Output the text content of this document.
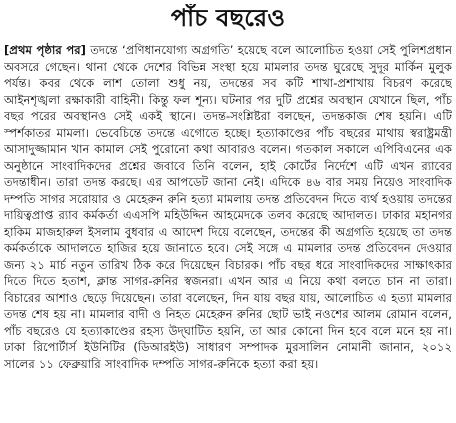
পাঁচ বছরেও

[প্রথম পৃষ্ঠার পর] তদন্তে ‘প্রণিধানযোগ্য অগ্রগতি’ হয়েছে বলে আলোচিত হওয়া সেই পুলিশপ্রধান অবসরে গেছেন। থানা থেকে দেশের বিভিন্ন সংস্থা হয়ে মামলার তদন্ত ঘুরেছে সুদূর মার্কিন মুলুক পর্যন্ত। কবর থেকে লাশ তোলা শুধু নয়, তদন্তের সব কটি শাখা-প্রশাখায় বিচরণ করেছে আইনশৃঙ্খলা রক্ষাকারী বাহিনী। কিন্তু ফল শূন্য। ঘটনার পর দুটি প্রশ্নের অবস্থান যেখানে ছিল, পাঁচ বছর পরের অবস্থানও সেই একই স্থানে। তদন্ত-সংশ্লিষ্টরা বলছেন, তদন্তকাজ শেষ হয়নি। এটি স্পর্শকাতর মামলা। ভেবেচিন্তে তদন্তে এগোতে হচ্ছে। হত্যাকাণ্ডের পাঁচ বছরের মাথায় স্বরাষ্ট্রমন্ত্রী আসাদুজ্জামান খান কামাল সেই পুরোনো কথা আবারও বলেন। গতকাল সকালে এপিবিএনের এক অনুষ্ঠানে সাংবাদিকদের প্রশ্নের জবাবে তিনি বলেন, হাই কোর্টের নির্দেশে এটি এখন র‍্যাবের তদন্তাধীন। তারা তদন্ত করছে। এর আপডেট জানা নেই। এদিকে ৪৬ বার সময় নিয়েও সাংবাদিক দম্পতি সাগর সরোয়ার ও মেহেরুন রুনি হত্যা মামলায় তদন্ত প্রতিবেদন দিতে ব্যর্থ হওয়ায় তদন্তের দায়িত্বপ্রাপ্ত র‍্যাব কর্মকর্তা এএসপি মহিউদ্দিন আহমেদকে তলব করেছে আদালত। ঢাকার মহানগর হাকিম মাজহারুল ইসলাম বুধবার এ আদেশ দিয়ে বলেছেন, তদন্তের কী অগ্রগতি হয়েছে তা তদন্ত কর্মকর্তাকে আদালতে হাজির হয়ে জানাতে হবে। সেই সঙ্গে এ মামলার তদন্ত প্রতিবেদন দেওয়ার জন্য ২১ মার্চ নতুন তারিখ ঠিক করে দিয়েছেন বিচারক। পাঁচ বছর ধরে সাংবাদিকদের সাক্ষাৎকার দিতে দিতে হতাশ, ক্লান্ত সাগর-রুনির স্বজনরা। এখন আর এ নিয়ে কথা বলতে চান না তারা। বিচারের আশাও ছেড়ে দিয়েছেন। তারা বলেছেন, দিন যায় বছর যায়, আলোচিত এ হত্যা মামলার তদন্ত শেষ হয় না। মামলার বাদী ও নিহত মেহেরুন রুনির ছোট ভাই নওশের আলম রোমান বলেন, পাঁচ বছরেও যে হত্যাকাণ্ডের রহস্য উদ্‌ঘাটিত হয়নি, তা আর কোনো দিন হবে বলে মনে হয় না। ঢাকা রিপোর্টার্স ইউনিটির (ডিআরইউ) সাধারণ সম্পাদক মুরসালিন নোমানী জানান, ২০১২ সালের ১১ ফেব্রুয়ারি সাংবাদিক দম্পতি সাগর-রুনিকে হত্যা করা হয়।
